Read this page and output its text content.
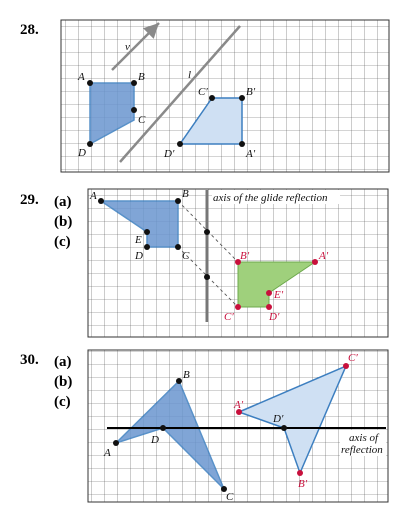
28.
29. (a)
(b)
(c)
30. (a)
(b)
(c)
v
l
A	B
C
D
C′	B′
A′
D′
axis of the glide reflection
A	B
C
D
E
B′	A′
E′
D′
C′
axis of
reflection
A
B
C
D
A′
D′
C′
B′
